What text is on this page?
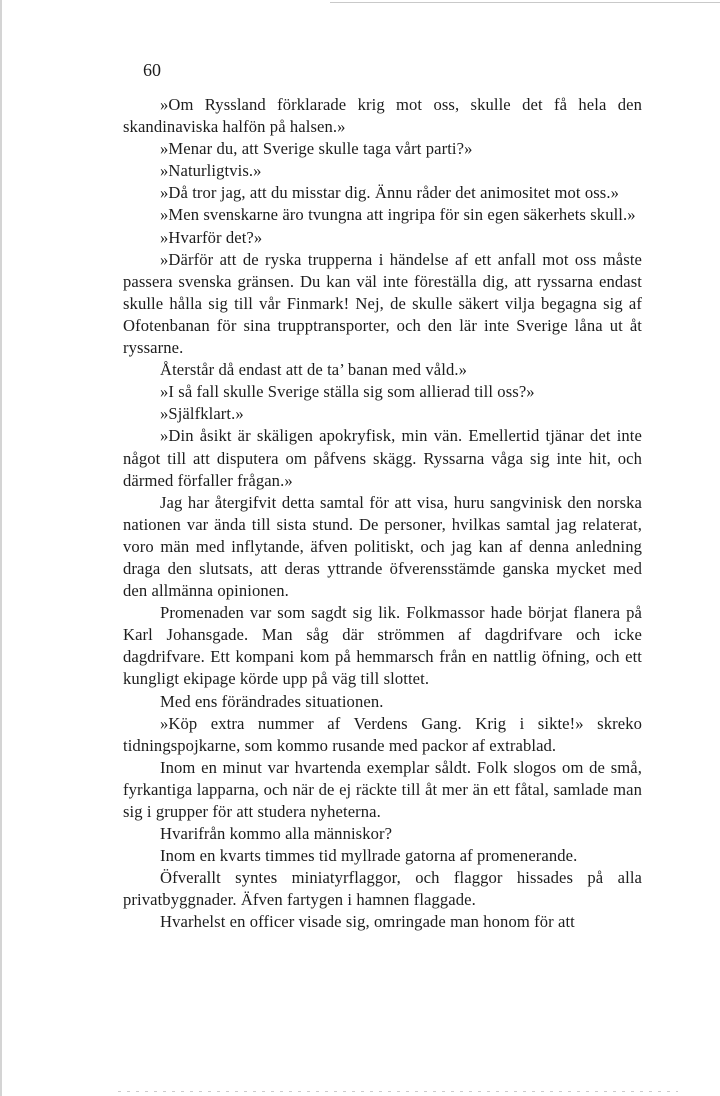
60

»Om Ryssland förklarade krig mot oss, skulle det få hela den skandinaviska halfön på halsen.»

»Menar du, att Sverige skulle taga vårt parti?»

»Naturligtvis.»

»Då tror jag, att du misstar dig. Ännu råder det animositet mot oss.»

»Men svenskarne äro tvungna att ingripa för sin egen säkerhets skull.»

»Hvarför det?»

»Därför att de ryska trupperna i händelse af ett anfall mot oss måste passera svenska gränsen. Du kan väl inte föreställa dig, att ryssarna endast skulle hålla sig till vår Finmark! Nej, de skulle säkert vilja begagna sig af Ofotenbanan för sina trupptransporter, och den lär inte Sverige låna ut åt ryssarne.

Återstår då endast att de ta’ banan med våld.»

»I så fall skulle Sverige ställa sig som allierad till oss?»

»Själfklart.»

»Din åsikt är skäligen apokryfisk, min vän. Emellertid tjänar det inte något till att disputera om påfvens skägg. Ryssarna våga sig inte hit, och därmed förfaller frågan.»

Jag har återgifvit detta samtal för att visa, huru sangvinisk den norska nationen var ända till sista stund. De personer, hvilkas samtal jag relaterat, voro män med inflytande, äfven politiskt, och jag kan af denna anledning draga den slutsats, att deras yttrande öfverensstämde ganska mycket med den allmänna opinionen.

Promenaden var som sagdt sig lik. Folkmassor hade börjat flanera på Karl Johansgade. Man såg där strömmen af dagdrifvare och icke dagdrifvare. Ett kompani kom på hemmarsch från en nattlig öfning, och ett kungligt ekipage körde upp på väg till slottet.

Med ens förändrades situationen.

»Köp extra nummer af Verdens Gang. Krig i sikte!» skreko tidningspojkarne, som kommo rusande med packor af extrablad.

Inom en minut var hvartenda exemplar såldt. Folk slogos om de små, fyrkantiga lapparna, och när de ej räckte till åt mer än ett fåtal, samlade man sig i grupper för att studera nyheterna.

Hvarifrån kommo alla människor?

Inom en kvarts timmes tid myllrade gatorna af promenerande.

Öfverallt syntes miniatyrflaggor, och flaggor hissades på alla privatbyggnader. Äfven fartygen i hamnen flaggade.

Hvarhelst en officer visade sig, omringade man honom för att
